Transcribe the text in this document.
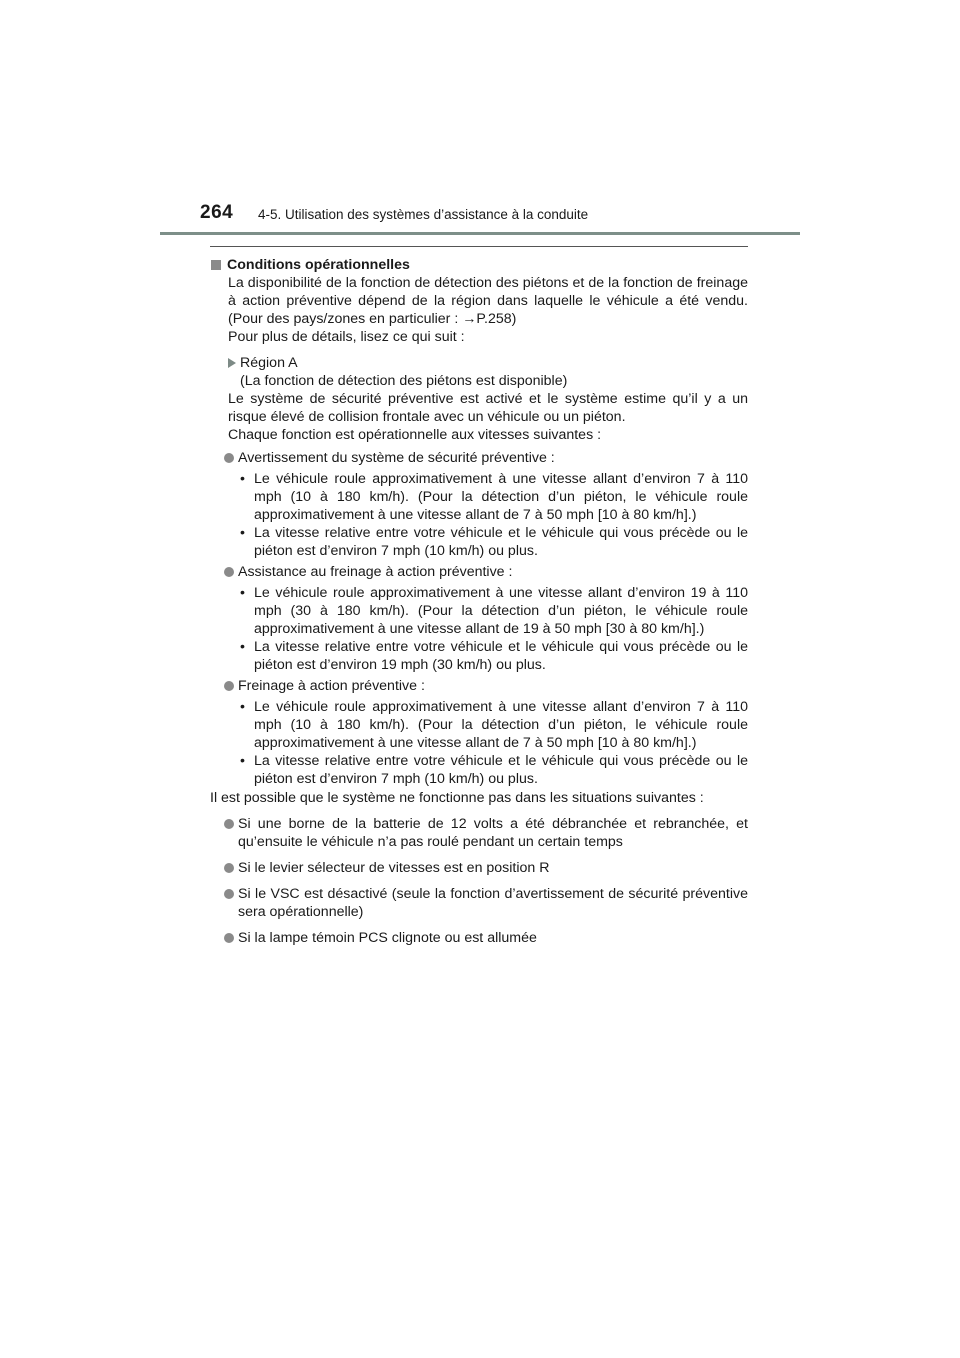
264 4-5. Utilisation des systèmes d’assistance à la conduite

Conditions opérationnelles

La disponibilité de la fonction de détection des piétons et de la fonction de freinage à action préventive dépend de la région dans laquelle le véhicule a été vendu. (Pour des pays/zones en particulier : →P.258)

Pour plus de détails, lisez ce qui suit :

Région A
(La fonction de détection des piétons est disponible)

Le système de sécurité préventive est activé et le système estime qu’il y a un risque élevé de collision frontale avec un véhicule ou un piéton.

Chaque fonction est opérationnelle aux vitesses suivantes :

Avertissement du système de sécurité préventive :
• Le véhicule roule approximativement à une vitesse allant d’environ 7 à 110 mph (10 à 180 km/h). (Pour la détection d’un piéton, le véhicule roule approximativement à une vitesse allant de 7 à 50 mph [10 à 80 km/h].)
• La vitesse relative entre votre véhicule et le véhicule qui vous précède ou le piéton est d’environ 7 mph (10 km/h) ou plus.
Assistance au freinage à action préventive :
• Le véhicule roule approximativement à une vitesse allant d’environ 19 à 110 mph (30 à 180 km/h). (Pour la détection d’un piéton, le véhicule roule approximativement à une vitesse allant de 19 à 50 mph [30 à 80 km/h].)
• La vitesse relative entre votre véhicule et le véhicule qui vous précède ou le piéton est d’environ 19 mph (30 km/h) ou plus.
Freinage à action préventive :
• Le véhicule roule approximativement à une vitesse allant d’environ 7 à 110 mph (10 à 180 km/h). (Pour la détection d’un piéton, le véhicule roule approximativement à une vitesse allant de 7 à 50 mph [10 à 80 km/h].)
• La vitesse relative entre votre véhicule et le véhicule qui vous précède ou le piéton est d’environ 7 mph (10 km/h) ou plus.

Il est possible que le système ne fonctionne pas dans les situations suivantes :

Si une borne de la batterie de 12 volts a été débranchée et rebranchée, et qu’ensuite le véhicule n’a pas roulé pendant un certain temps
Si le levier sélecteur de vitesses est en position R
Si le VSC est désactivé (seule la fonction d’avertissement de sécurité préventive sera opérationnelle)
Si la lampe témoin PCS clignote ou est allumée
